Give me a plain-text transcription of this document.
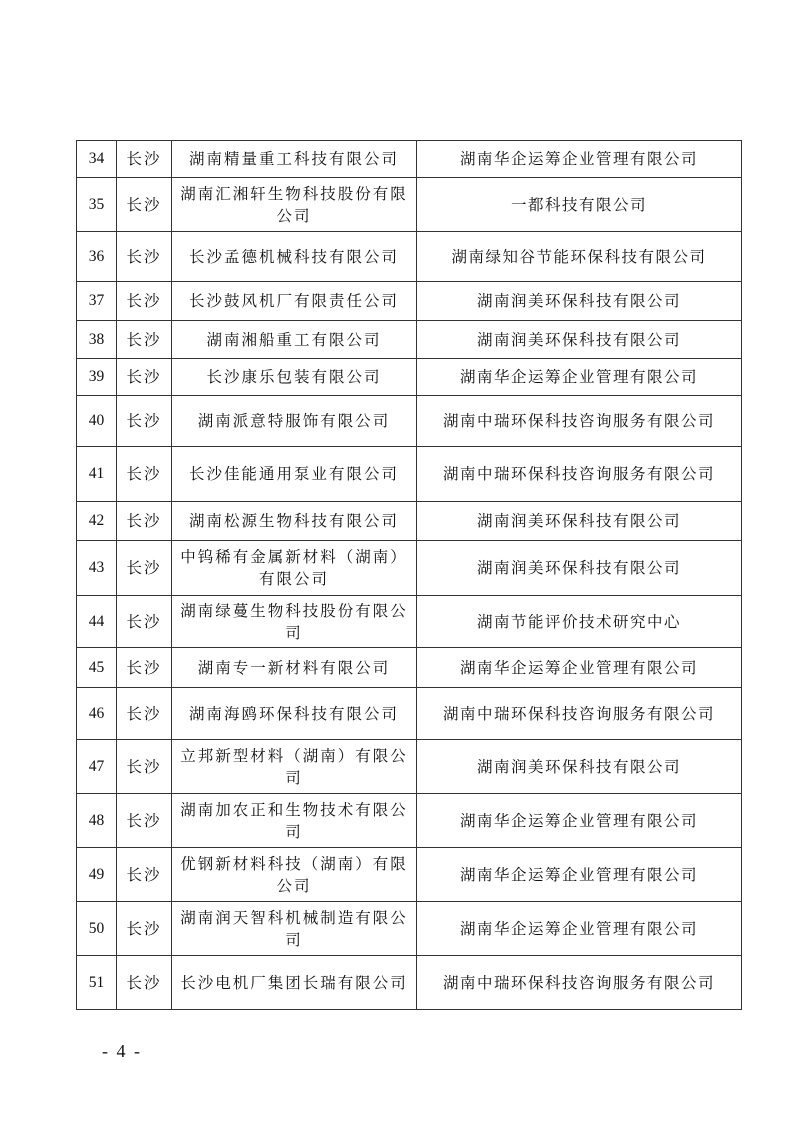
34	长沙	湖南精量重工科技有限公司	湖南华企运筹企业管理有限公司
35	长沙	湖南汇湘轩生物科技股份有限公司	一都科技有限公司
36	长沙	长沙孟德机械科技有限公司	湖南绿知谷节能环保科技有限公司
37	长沙	长沙鼓风机厂有限责任公司	湖南润美环保科技有限公司
38	长沙	湖南湘船重工有限公司	湖南润美环保科技有限公司
39	长沙	长沙康乐包装有限公司	湖南华企运筹企业管理有限公司
40	长沙	湖南派意特服饰有限公司	湖南中瑞环保科技咨询服务有限公司
41	长沙	长沙佳能通用泵业有限公司	湖南中瑞环保科技咨询服务有限公司
42	长沙	湖南松源生物科技有限公司	湖南润美环保科技有限公司
43	长沙	中钨稀有金属新材料（湖南）有限公司	湖南润美环保科技有限公司
44	长沙	湖南绿蔓生物科技股份有限公司	湖南节能评价技术研究中心
45	长沙	湖南专一新材料有限公司	湖南华企运筹企业管理有限公司
46	长沙	湖南海鸥环保科技有限公司	湖南中瑞环保科技咨询服务有限公司
47	长沙	立邦新型材料（湖南）有限公司	湖南润美环保科技有限公司
48	长沙	湖南加农正和生物技术有限公司	湖南华企运筹企业管理有限公司
49	长沙	优钢新材料科技（湖南）有限公司	湖南华企运筹企业管理有限公司
50	长沙	湖南润天智科机械制造有限公司	湖南华企运筹企业管理有限公司
51	长沙	长沙电机厂集团长瑞有限公司	湖南中瑞环保科技咨询服务有限公司
- 4 -
